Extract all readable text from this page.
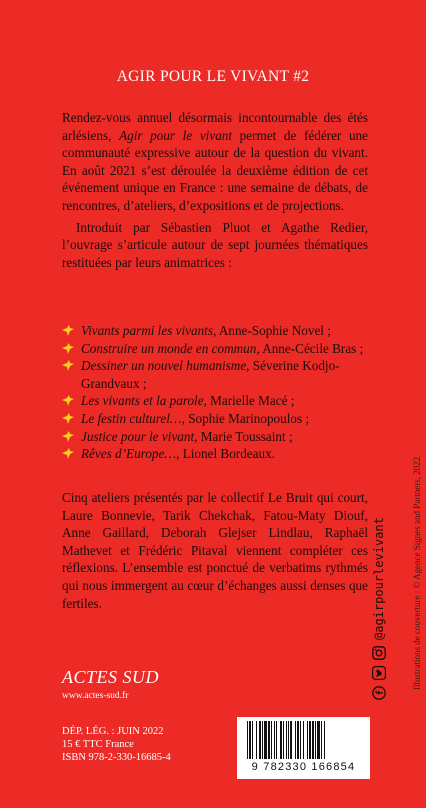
AGIR POUR LE VIVANT #2

Rendez-vous annuel désormais incontournable des étés arlésiens, Agir pour le vivant permet de fédérer une communauté expressive autour de la question du vivant. En août 2021 s’est déroulée la deuxième édition de cet événement unique en France : une semaine de débats, de rencontres, d’ateliers, d’expositions et de projections.

Introduit par Sébastien Pluot et Agathe Redier, l’ouvrage s’articule autour de sept journées thématiques restituées par leurs animatrices :

Vivants parmi les vivants, Anne-Sophie Novel ;
Construire un monde en commun, Anne-Cécile Bras ;
Dessiner un nouvel humanisme, Séverine Kodjo-Grandvaux ;
Les vivants et la parole, Marielle Macé ;
Le festin culturel…, Sophie Marinopoulos ;
Justice pour le vivant, Marie Toussaint ;
Rêves d’Europe…, Lionel Bordeaux.

Cinq ateliers présentés par le collectif Le Bruit qui court, Laure Bonnevie, Tarik Chekchak, Fatou-Maty Diouf, Anne Gaillard, Deborah Glejser Lindlau, Raphaël Mathevet et Frédéric Pitaval viennent compléter ces réflexions. L’ensemble est ponctué de verbatims rythmés qui nous immergent au cœur d’échanges aussi denses que fertiles.

ACTES SUD
www.actes-sud.fr
DÉP. LÉG. : JUIN 2022
15 € TTC France
ISBN 978-2-330-16685-4
9 782330 166854
@agirpourlevivant	Illustrations de couverture : © Agence Signes and Partners, 2022
